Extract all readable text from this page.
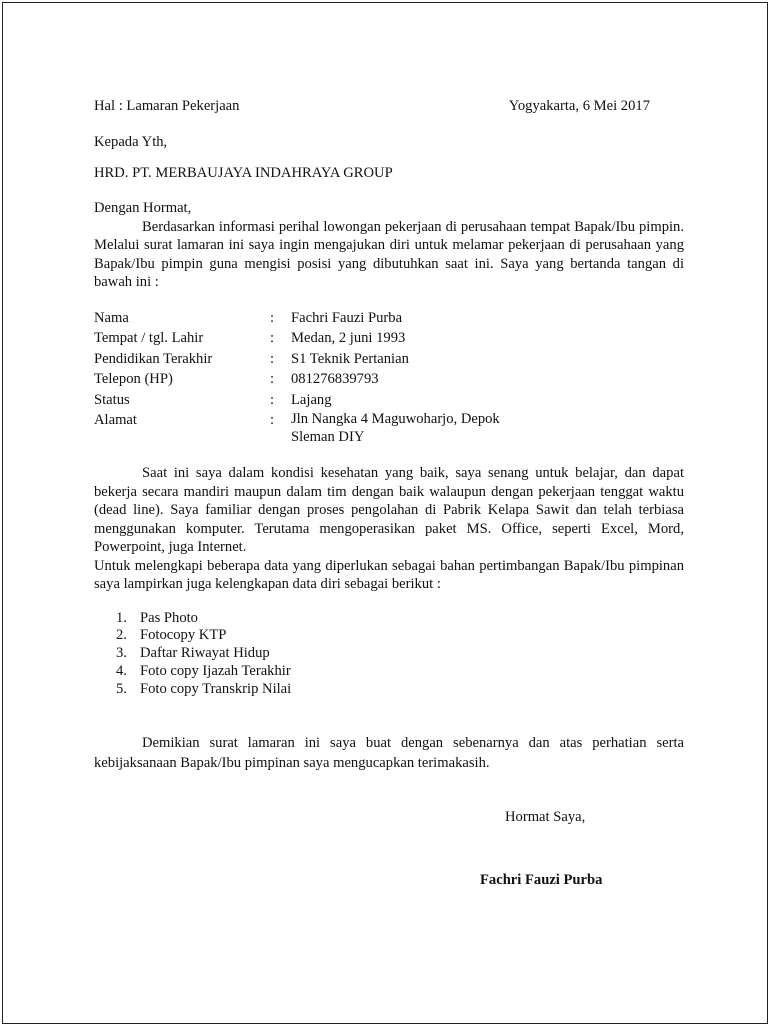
Hal : Lamaran Pekerjaan	Yogyakarta, 6 Mei 2017

Kepada Yth,

HRD. PT. MERBAUJAYA INDAHRAYA GROUP

Dengan Hormat,

Berdasarkan informasi perihal lowongan pekerjaan di perusahaan tempat Bapak/Ibu pimpin. Melalui surat lamaran ini saya ingin mengajukan diri untuk melamar pekerjaan di perusahaan yang Bapak/Ibu pimpin guna mengisi posisi yang dibutuhkan saat ini. Saya yang bertanda tangan di bawah ini :

Nama	:	Fachri Fauzi Purba
Tempat / tgl. Lahir	:	Medan, 2 juni 1993
Pendidikan Terakhir	:	S1 Teknik Pertanian
Telepon (HP)	:	081276839793
Status	:	Lajang
Alamat	:	Jln Nangka 4 Maguwoharjo, Depok
Sleman DIY

Saat ini saya dalam kondisi kesehatan yang baik, saya senang untuk belajar, dan dapat bekerja secara mandiri maupun dalam tim dengan baik walaupun dengan pekerjaan tenggat waktu (dead line). Saya familiar dengan proses pengolahan di Pabrik Kelapa Sawit dan telah terbiasa menggunakan komputer. Terutama mengoperasikan paket MS. Office, seperti Excel, Mord, Powerpoint, juga Internet.

Untuk melengkapi beberapa data yang diperlukan sebagai bahan pertimbangan Bapak/Ibu pimpinan saya lampirkan juga kelengkapan data diri sebagai berikut :

1. Pas Photo
2. Fotocopy KTP
3. Daftar Riwayat Hidup
4. Foto copy Ijazah Terakhir
5. Foto copy Transkrip Nilai

Demikian surat lamaran ini saya buat dengan sebenarnya dan atas perhatian serta kebijaksanaan Bapak/Ibu pimpinan saya mengucapkan terimakasih.

Hormat Saya,
Fachri Fauzi Purba
